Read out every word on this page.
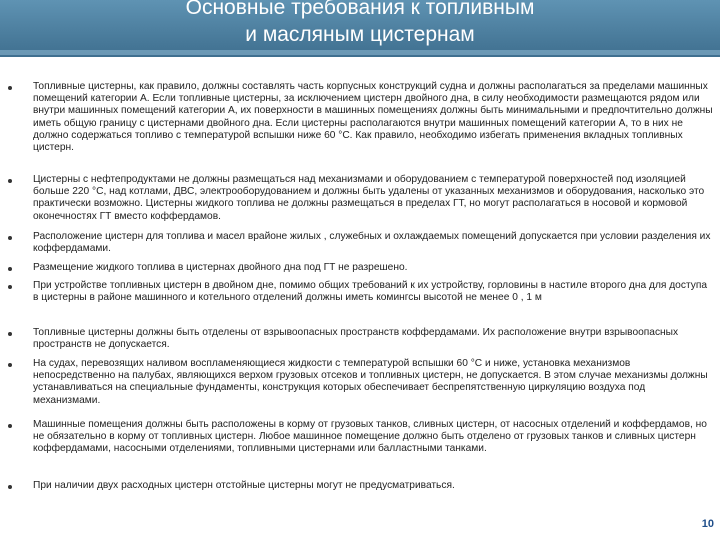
Основные требования к топливным
и масляным цистернам

Топливные цистерны, как правило, должны составлять часть корпусных конструкций судна и должны располагаться за пределами машинных помещений категории А. Если топливные цистерны, за исключением цистерн двойного дна, в силу необходимости размещаются рядом или внутри машинных помещений категории А, их поверхности в машинных помещениях должны быть минимальными и предпочтительно должны иметь общую границу с цистернами двойного дна. Если цистерны располагаются внутри машинных помещений категории А, то в них не должно содержаться топливо с температурой вспышки ниже 60 °С. Как правило, необходимо избегать применения вкладных топливных цистерн.

Цистерны с нефтепродуктами не должны размещаться над механизмами и оборудованием с температурой поверхностей под изоляцией больше 220 °С, над котлами, ДВС, электрооборудованием и должны быть удалены от указанных механизмов и оборудования, насколько это практически возможно. Цистерны жидкого топлива не должны размещаться в пределах ГТ, но могут располагаться в носовой и кормовой оконечностях ГТ вместо коффердамов.

Расположение цистерн для топлива и масел врайоне жилых , служебных и охлаждаемых помещений допускается при условии разделения их коффердамами.

Размещение жидкого топлива в цистернах двойного дна под ГТ не разрешено.

При устройстве топливных цистерн в двойном дне, помимо общих требований к их устройству, горловины в настиле второго дна для доступа в цистерны в районе машинного и котельного отделений должны иметь комингсы высотой не менее 0 , 1 м

Топливные цистерны должны быть отделены от взрывоопасных пространств коффердамами. Их расположение внутри взрывоопасных пространств не допускается.

На судах, перевозящих наливом воспламеняющиеся жидкости с температурой вспышки 60 °С и ниже, установка механизмов непосредственно на палубах, являющихся верхом грузовых отсеков и топливных цистерн, не допускается. В этом случае механизмы должны устанавливаться на специальные фундаменты, конструкция которых обеспечивает беспрепятственную циркуляцию воздуха под механизмами.

Машинные помещения должны быть расположены в корму от грузовых танков, сливных цистерн, от насосных отделений и коффердамов, но не обязательно в корму от топливных цистерн. Любое машинное помещение должно быть отделено от грузовых танков и сливных цистерн коффердамами, насосными отделениями, топливными цистернами или балластными танками.

При наличии двух расходных цистерн отстойные цистерны могут не предусматриваться.

10
